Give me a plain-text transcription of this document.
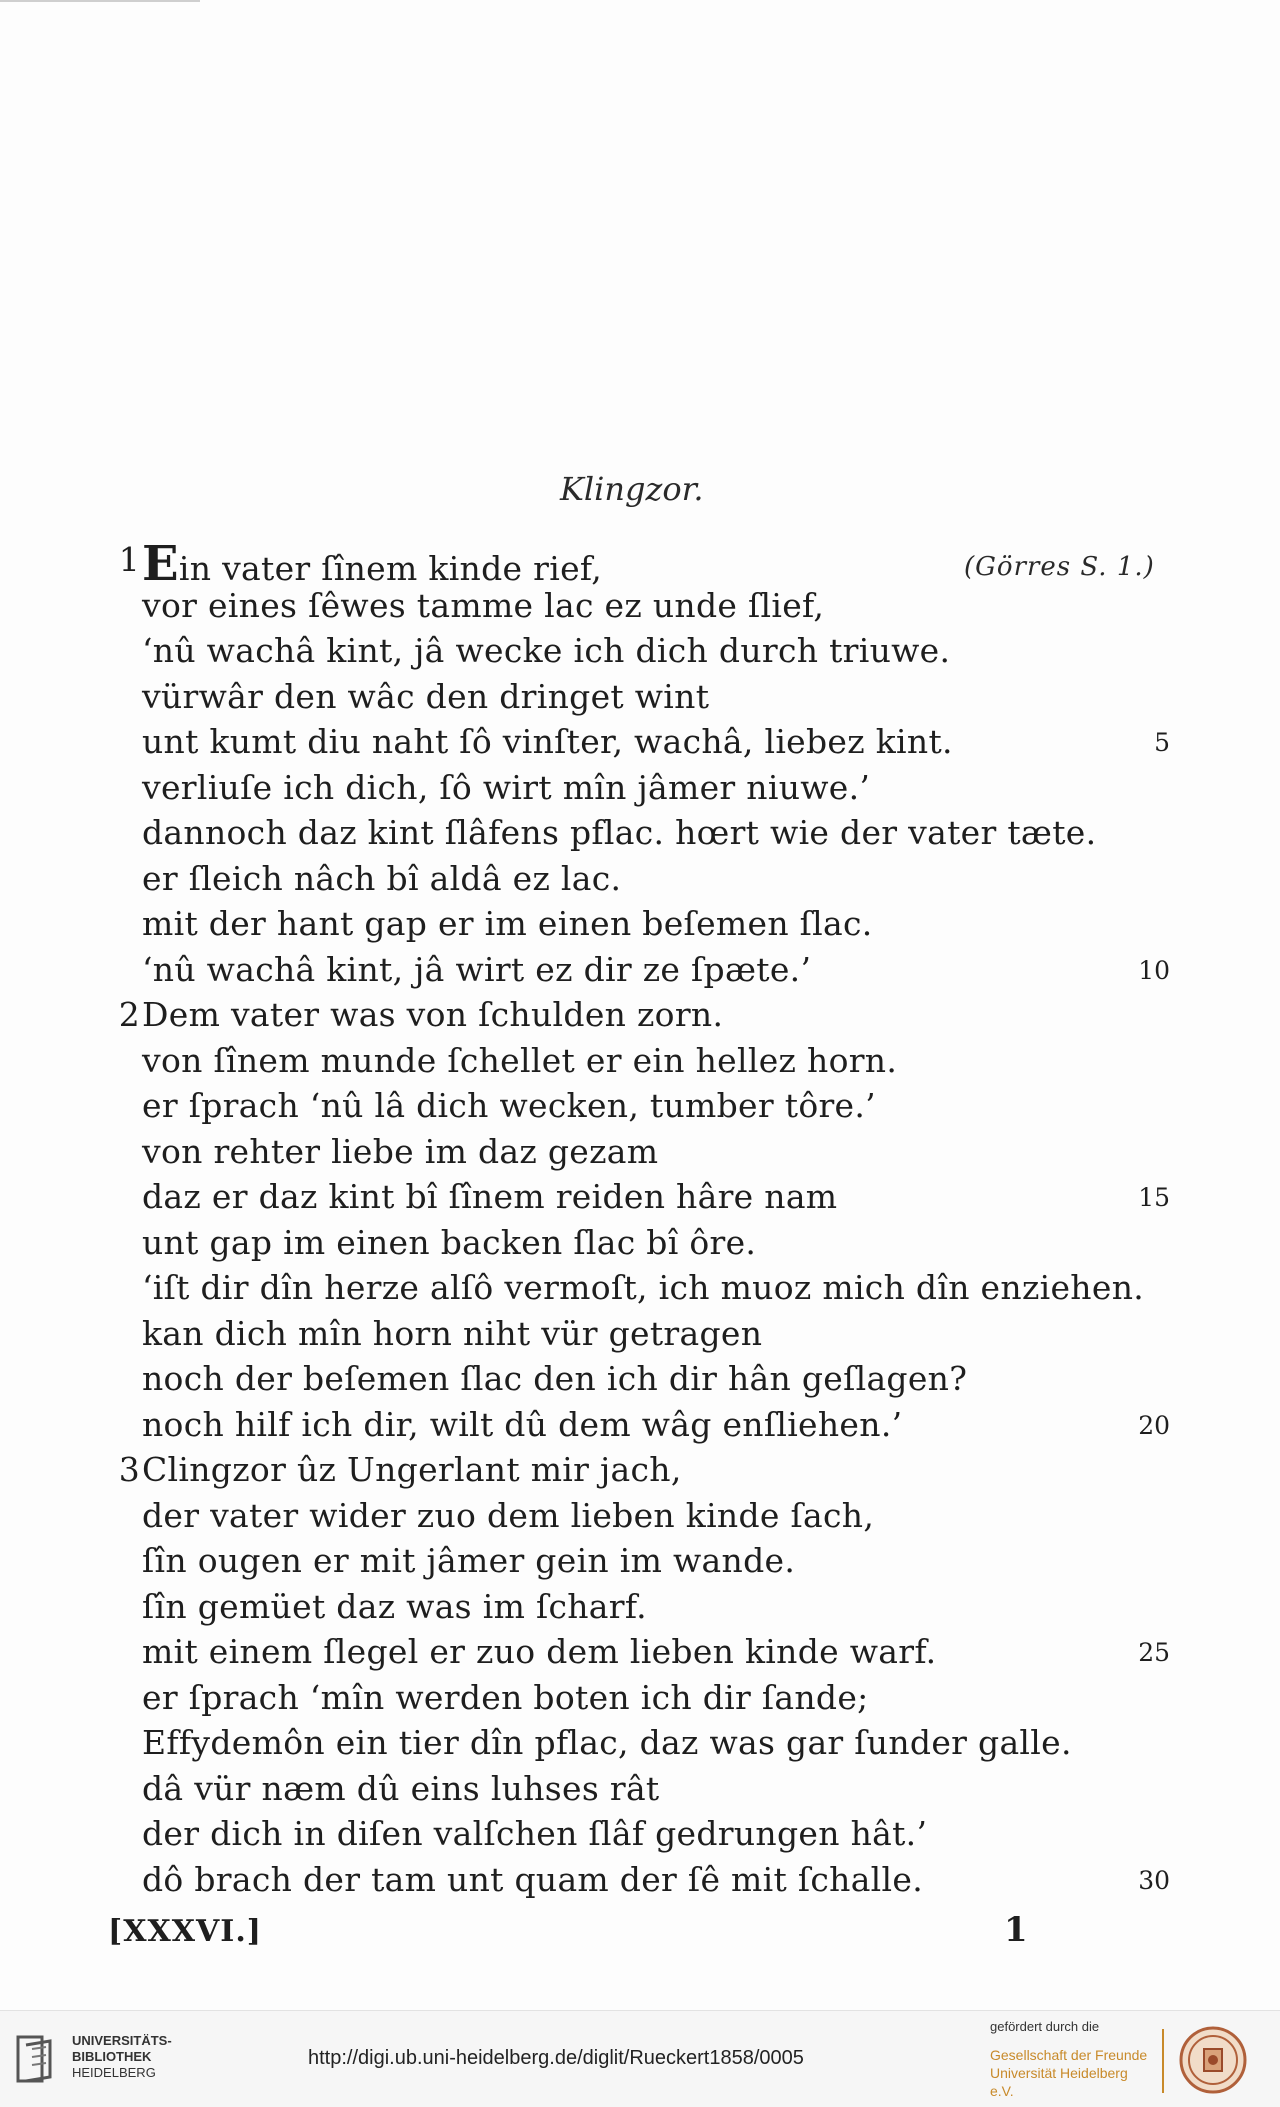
Klingzor.
(Görres S. 1.)
1 Ein vater ſînem kinde rief,
vor eines ſêwes tamme lac ez unde ſlief,
‘nû wachâ kint, jâ wecke ich dich durch triuwe.
vürwâr den wâc den dringet wint
unt kumt diu naht ſô vinſter, wachâ, liebez kint.	5
verliuſe ich dich, ſô wirt mîn jâmer niuwe.’
dannoch daz kint ſlâfens pflac. hœrt wie der vater tæte.
er ſleich nâch bî aldâ ez lac.
mit der hant gap er im einen beſemen ſlac.
‘nû wachâ kint, jâ wirt ez dir ze ſpæte.’	10
2 Dem vater was von ſchulden zorn.
von ſînem munde ſchellet er ein hellez horn.
er ſprach ‘nû lâ dich wecken, tumber tôre.’
von rehter liebe im daz gezam
daz er daz kint bî ſînem reiden hâre nam	15
unt gap im einen backen ſlac bî ôre.
‘iſt dir dîn herze alſô vermoſt, ich muoz mich dîn enziehen.
kan dich mîn horn niht vür getragen
noch der beſemen ſlac den ich dir hân geſlagen?
noch hilf ich dir, wilt dû dem wâg enſliehen.’	20
3 Clingzor ûz Ungerlant mir jach,
der vater wider zuo dem lieben kinde ſach,
ſîn ougen er mit jâmer gein im wande.
ſîn gemüet daz was im ſcharf.
mit einem ſlegel er zuo dem lieben kinde warf.	25
er ſprach ‘mîn werden boten ich dir ſande;
Effydemôn ein tier dîn pflac, daz was gar ſunder galle.
dâ vür næm dû eins luhses rât
der dich in diſen valſchen ſlâf gedrungen hât.’
dô brach der tam unt quam der ſê mit ſchalle.	30
[XXXVI.]	1
UNIVERSITÄTS-
BIBLIOTHEK
HEIDELBERG
http://digi.ub.uni-heidelberg.de/diglit/Rueckert1858/0005
gefördert durch die
Gesellschaft der Freunde
Universität Heidelberg e.V.
